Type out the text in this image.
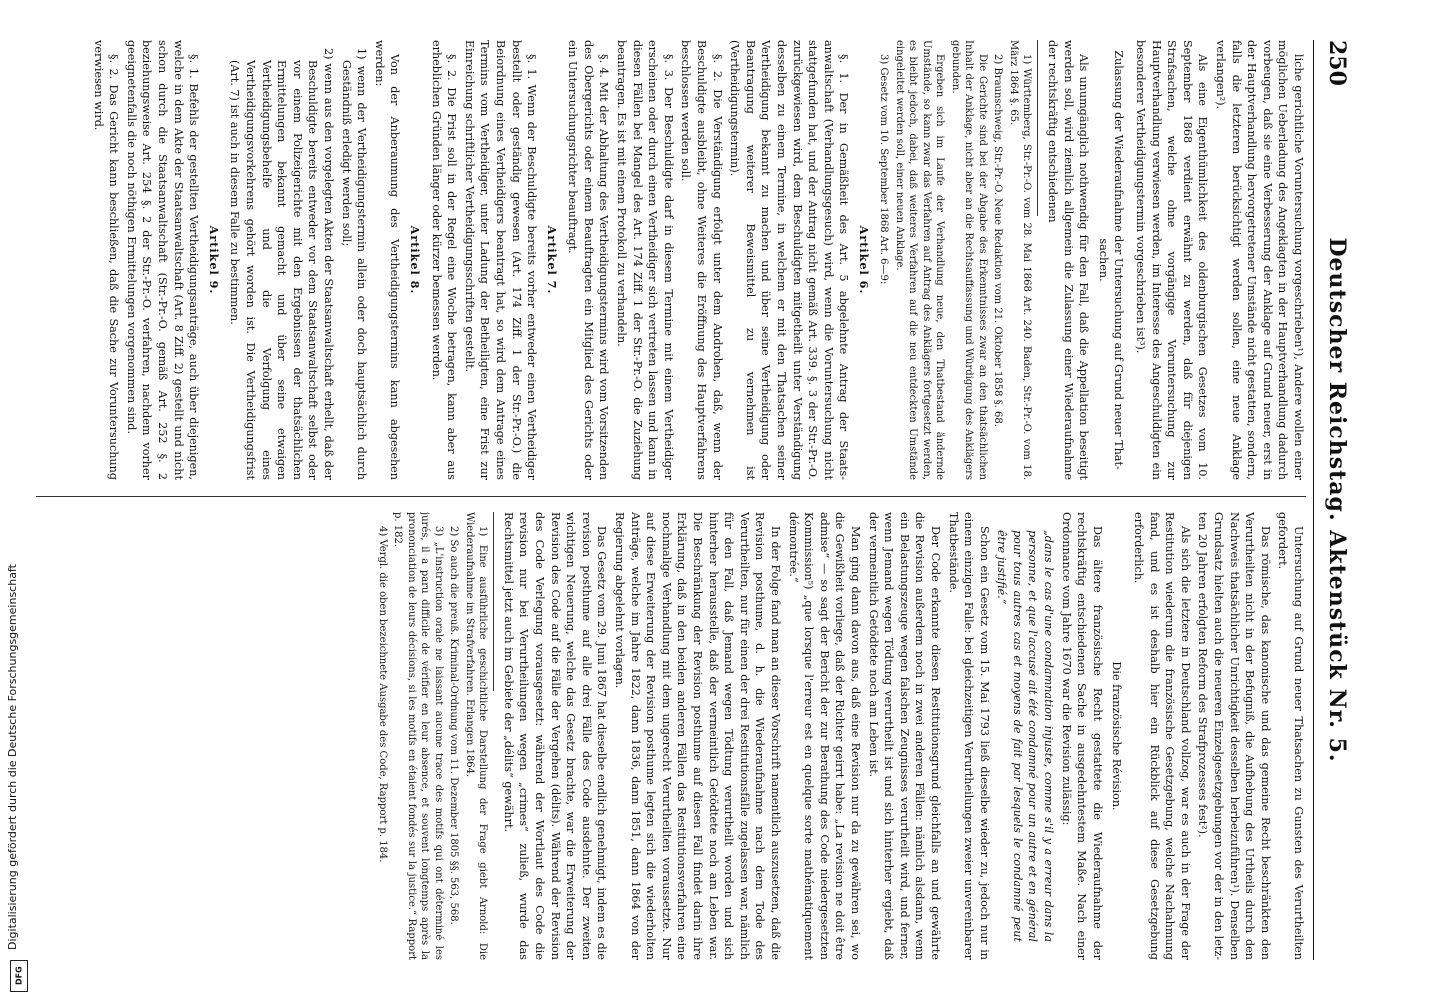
250
Deutscher Reichstag. Aktenstück Nr. 5.

liche gerichtliche Voruntersuchung vorgeschrieben¹), Andere wollen einer möglichen Ueberladung des Angeklagten in der Hauptverhandlung dadurch vorbeugen, daß sie eine Verbesserung der Anklage auf Grund neuer, erst in der Hauptverhandlung hervorgetretener Umstände nicht gestatten, sondern, falls die letzteren berücksichtigt werden sollen, eine neue Anklage verlangen²).

Als eine Eigenthümlichkeit des oldenburgischen Gesetzes vom 10. September 1868 verdient erwähnt zu werden, daß für diejenigen Strafsachen, welche ohne vorgängige Voruntersuchung zur Hauptverhandlung verwiesen werden, im Interesse des Angeschuldigten ein besonderer Vertheidigungstermin vorgeschrieben ist³).

Zulassung der Wiederaufnahme der Untersuchung auf Grund neuer Thatsachen.

Als unumgänglich nothwendig für den Fall, daß die Appellation beseitigt werden soll, wird ziemlich allgemein die Zulassung einer Wiederaufnahme der rechtskräftig entschiedenen

1) Württemberg, Str.-Pr.-O. vom 28. Mai 1868 Art. 240. Baden, Str.-Pr.-O. vom 18. März 1864 §. 65.

2) Braunschweig, Str.-Pr.-O. Neue Redaktion vom 21. Oktober 1858 §. 68.

Die Gerichte sind bei der Abgabe des Erkenntnisses zwar an den thatsächlichen Inhalt der Anklage, nicht aber an die Rechtsauffassung und Würdigung des Anklägers gebunden.

Ergeben sich im Laufe der Verhandlung neue, den Thatbestand ändernde Umstände, so kann zwar das Verfahren auf Antrag des Anklägers fortgesetzt werden, es bleibt jedoch, dabei, daß weiteres Verfahren auf die neu entdeckten Umstände eingeleitet werden soll, einer neuen Anklage.

3) Gesetz vom 10. September 1868 Art. 6—9:

Artikel 6.

§. 1. Der in Gemäßheit des Art. 5 abgelehnte Antrag der Staatsanwaltschaft (Verhandlungsgesuch) wird, wenn die Voruntersuchung nicht stattgefunden hat, und der Antrag nicht gemäß Art. 339. §. 3 der Str.-Pr.-O. zurückgewiesen wird, dem Beschuldigten mitgetheilt unter Verständigung desselben zu einem Termine, in welchem er mit den Thatsachen seiner Vertheidigung bekannt zu machen und über seine Vertheidigung oder Beantragung weiterer Beweismittel zu vernehmen ist (Vertheidigungstermin).

§. 2. Die Verständigung erfolgt unter dem Androhen, daß, wenn der Beschuldigte ausbleibt, ohne Weiteres die Eröffnung des Hauptverfahrens beschlossen werden soll.

§. 3. Der Beschuldigte darf in diesem Termine mit einem Vertheidiger erscheinen oder durch einen Vertheidiger sich vertreten lassen und kann in diesen Fällen bei Mangel des Art. 174 Ziff. 1 der Str.-Pr.-O. die Zuziehung beantragen. Es ist mit einem Protokoll zu verhandeln.

§. 4. Mit der Abhaltung des Vertheidigungstermins wird vom Vorsitzenden des Obergerichts oder einem Beauftragten ein Mitglied des Gerichts oder ein Untersuchungsrichter beauftragt.

Artikel 7.

§. 1. Wenn der Beschuldigte bereits vorher entweder einen Vertheidiger bestellt oder geständig gewesen (Art. 174 Ziff. 1 der Str.-Pr.-O.) die Beiordnung eines Vertheidigers beantragt hat, so wird dem Antrage eines Termins vom Vertheidiger, unter Ladung der Betheiligten, eine Frist zur Einreichung schriftlicher Vertheidigungsschriften gestellt.

§. 2. Die Frist soll in der Regel eine Woche betragen, kann aber aus erheblichen Gründen länger oder kürzer bemessen werden.

Artikel 8.

Von der Anberaumung des Vertheidigungstermins kann abgesehen werden:

1) wenn der Vertheidigungstermin allein oder doch hauptsächlich durch Geständniß erledigt werden soll;

2) wenn aus den vorgelegten Akten der Staatsanwaltschaft erhellt, daß der Beschuldigte bereits entweder vor dem Staatsanwaltschaft selbst oder vor einem Polizeigerichte mit den Ergebnissen der thatsächlichen Ermittelungen bekannt gemacht und über seine etwaigen Vertheidigungsbehelfe und die Verfolgung eines Vertheidigungsvorkehrens gehört worden ist. Die Vertheidigungsfrist (Art. 7) ist auch in diesem Falle zu bestimmen.

Artikel 9.

§. 1. Befehls der gestellten Vertheidigungsanträge, auch über diejenigen, welche in dem Akte der Staatsanwaltschaft (Art. 8 Ziff. 2) gestellt und nicht schon durch die Staatsanwaltschaft (Str.-Pr.-O. gemäß Art. 252 §. 2 beziehungsweise Art. 254 §. 2 der Str.-Pr.-O. verfahren, nachdem vorher geeignetenfalls die noch nöthigen Ermittelungen vorgenommen sind.

§. 2. Das Gericht kann beschließen, daß die Sache zur Voruntersuchung verwiesen wird.

Untersuchung auf Grund neuer Thatsachen zu Gunsten des Verurtheilten gefordert.

Das römische, das kanonische und das gemeine Recht beschränkten den Verurtheilten nicht in der Befugniß, die Aufhebung des Urtheils durch den Nachweis thatsächlicher Unrichtigkeit desselben herbeizuführen¹). Denselben Grundsatz hielten auch die neueren Einzelgesetzgebungen vor der in den letzten 20 Jahren erfolgten Reform des Strafprozesses fest²).

Als sich die letztere in Deutschland vollzog, war es auch in der Frage der Restitution wiederum die französische Gesetzgebung, welche Nachahmung fand, und es ist deshalb hier ein Rückblick auf diese Gesetzgebung erforderlich.

Die französische Révision.

Das ältere französische Recht gestattete die Wiederaufnahme der rechtskräftig entschiedenen Sache in ausgedehntestem Maße. Nach einer Ordonnance vom Jahre 1670 war die Revision zulässig:

„dans le cas d'une condamnation injuste, comme s'il y a erreur dans la personne, et que l'accusé ait été condamné pour un autre et en général pour tous autres cas et moyens de fait par lesquels le condamné peut être justifié.“

Schon ein Gesetz vom 15. Mai 1793 ließ dieselbe wieder zu, jedoch nur in einem einzigen Falle: bei gleichzeitigen Verurtheilungen zweier unvereinbarer Thatbestände.

Der Code erkannte diesen Restitutionsgrund gleichfalls an und gewährte die Revision außerdem noch in zwei anderen Fällen: nämlich alsdann, wenn ein Belastungszeuge wegen falschen Zeugnisses verurtheilt wird, und ferner, wenn Jemand wegen Tödtung verurtheilt ist und sich hinterher ergiebt, daß der vermeintlich Getödtete noch am Leben ist.

Man ging dann davon aus, daß eine Revision nur da zu gewähren sei, wo die Gewißheit vorliege, daß der Richter geirrt habe: „La revision ne doit être admise“ — so sagt der Bericht der zur Berathung des Code niedergesetzten Kommission⁵) „que lorsque l'erreur est en quelque sorte mathématiquement démontrée.“

In der Folge fand man an dieser Vorschrift namentlich auszusetzen, daß die Revision posthume, d. h. die Wiederaufnahme nach dem Tode des Verurtheilten, nur für einen der drei Restitutionsfälle zugelassen war, nämlich für den Fall, daß Jemand wegen Tödtung verurtheilt worden und sich hinterher herausstelle, daß der vermeintlich Getödtete noch am Leben war. Die Beschränkung der Revision posthume auf diesen Fall findet darin ihre Erklärung, daß in den beiden anderen Fällen das Restitutionsverfahren eine nochmalige Verhandlung mit dem ungerecht Verurtheilten voraussetzte. Nur auf diese Erweiterung der Revision posthume legten sich die wiederholten Anträge, welche im Jahre 1822, dann 1836, dann 1851, dann 1864 von der Regierung abgelehnt vorlagen.

Das Gesetz vom 29. Juni 1867 hat dieselbe endlich genehmigt, indem es die revision posthume auf alle drei Fälle des Code ausdehnte. Der zweiten wichtigen Neuerung, welche das Gesetz brachte, war die Erweiterung der Revision des Code auf die Fälle der Vergehen (délits). Während der Revision des Code Verlegung vorausgesetzt: während der Wortlaut des Code die revision nur bei Verurtheilungen wegen „crimes“ zuließ, wurde das Rechtsmittel jetzt auch im Gebiete der „délits“ gewährt.

1) Eine ausführliche geschichtliche Darstellung der Frage giebt Arnold: Die Wiederaufnahme im Strafverfahren. Erlangen 1864.

2) So auch die preuß. Kriminal-Ordnung vom 11. Dezember 1805 §§. 563, 568.

3) „L'instruction orale ne laissant aucune trace des motifs qui ont déterminé les jurés, il a paru difficile de vérifier en leur absence, et souvent longtemps après la prononciation de leurs décisions, si les motifs en étaient fondés sur la justice.“ Rapport p. 182.

4) Vergl. die oben bezeichnete Ausgabe des Code, Rapport p. 184.

Digitalisierung gefördert durch die Deutsche Forschungsgemeinschaft
DFG
